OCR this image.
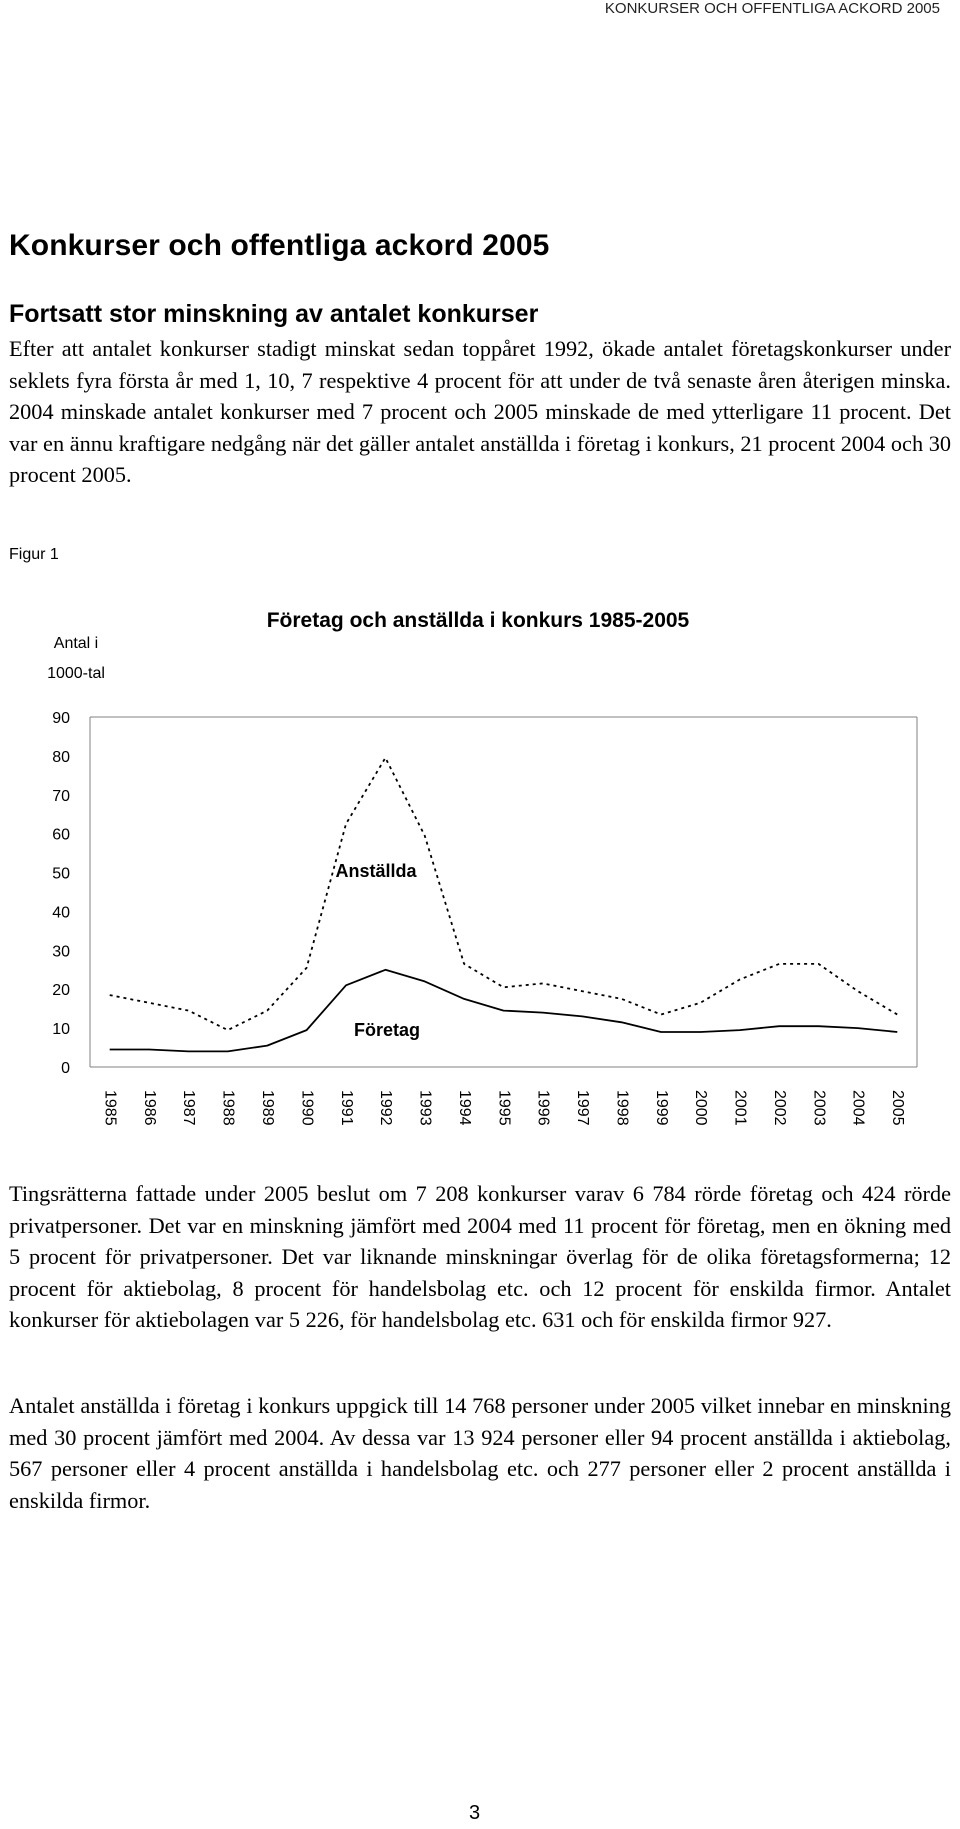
KONKURSER OCH OFFENTLIGA ACKORD 2005
Konkurser och offentliga ackord 2005
Fortsatt stor minskning av antalet konkurser

Efter att antalet konkurser stadigt minskat sedan toppåret 1992, ökade antalet företagskonkurser under seklets fyra första år med 1, 10, 7 respektive 4 procent för att under de två senaste åren återigen minska. 2004 minskade antalet konkurser med 7 procent och 2005 minskade de med ytterligare 11 procent. Det var en ännu kraftigare nedgång när det gäller antalet anställda i företag i konkurs, 21 procent 2004 och 30 procent 2005.

Figur 1
Företag och anställda i konkurs 1985-2005
Antal i
1000-tal
0
10
20
30
40
50
60
70
80
90
1985 1986 1987 1988 1989 1990 1991 1992 1993 1994 1995 1996 1997 1998 1999 2000 2001 2002 2003 2004 2005
Anställda
Företag

Tingsrätterna fattade under 2005 beslut om 7 208 konkurser varav 6 784 rörde företag och 424 rörde privatpersoner. Det var en minskning jämfört med 2004 med 11 procent för företag, men en ökning med 5 procent för privatpersoner. Det var liknande minskningar överlag för de olika företagsformerna; 12 procent för aktiebolag, 8 procent för handelsbolag etc. och 12 procent för enskilda firmor. Antalet konkurser för aktiebolagen var 5 226, för handelsbolag etc. 631 och för enskilda firmor 927.

Antalet anställda i företag i konkurs uppgick till 14 768 personer under 2005 vilket innebar en minskning med 30 procent jämfört med 2004. Av dessa var 13 924 personer eller 94 procent anställda i aktiebolag, 567 personer eller 4 procent anställda i handelsbolag etc. och 277 personer eller 2 procent anställda i enskilda firmor.

3
